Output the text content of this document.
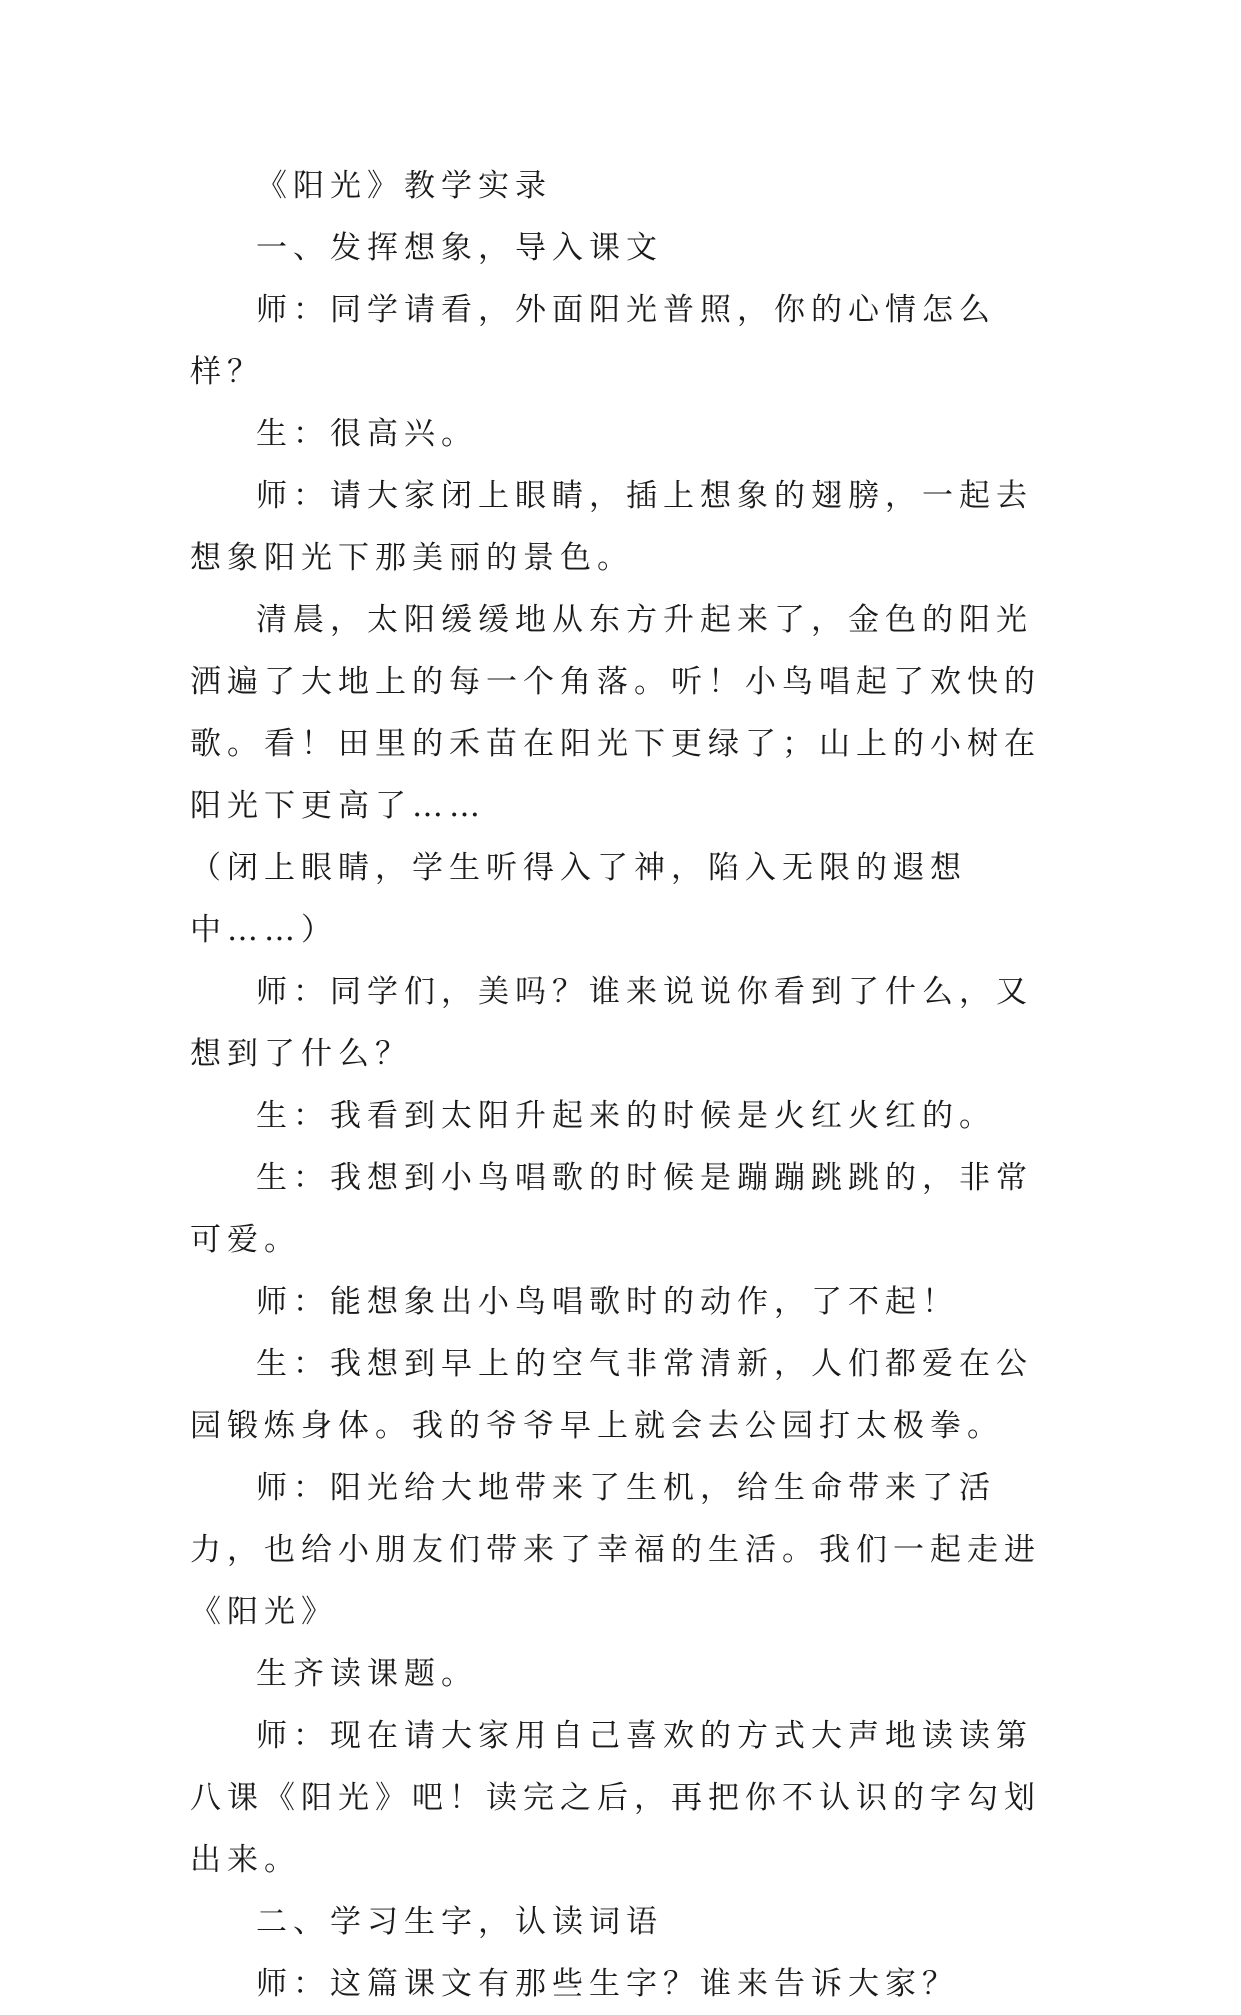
《阳光》教学实录

一、发挥想象，导入课文

师：同学请看，外面阳光普照，你的心情怎么样？

生：很高兴。

师：请大家闭上眼睛，插上想象的翅膀，一起去想象阳光下那美丽的景色。

清晨，太阳缓缓地从东方升起来了，金色的阳光洒遍了大地上的每一个角落。听！小鸟唱起了欢快的歌。看！田里的禾苗在阳光下更绿了；山上的小树在阳光下更高了……

（闭上眼睛，学生听得入了神，陷入无限的遐想中……）

师：同学们，美吗？谁来说说你看到了什么，又想到了什么？

生：我看到太阳升起来的时候是火红火红的。

生：我想到小鸟唱歌的时候是蹦蹦跳跳的，非常可爱。

师：能想象出小鸟唱歌时的动作，了不起！

生：我想到早上的空气非常清新，人们都爱在公园锻炼身体。我的爷爷早上就会去公园打太极拳。

师：阳光给大地带来了生机，给生命带来了活力，也给小朋友们带来了幸福的生活。我们一起走进《阳光》

生齐读课题。

师：现在请大家用自己喜欢的方式大声地读读第八课《阳光》吧！读完之后，再把你不认识的字勾划出来。

二、学习生字，认读词语

师：这篇课文有那些生字？谁来告诉大家？
